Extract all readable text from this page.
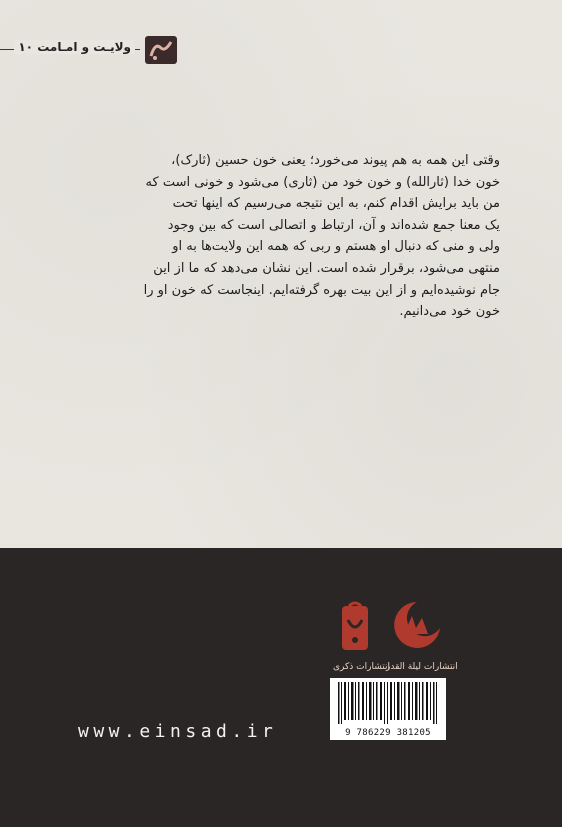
ولایـت و امـامت ۱۰

وقتی این همه به هم پیوند می‌خورد؛ یعنی خون حسین (ثارک)،
خون خدا (ثارالله) و خون خود من (ثاری) می‌شود و خونی است که
من باید برایش اقدام کنم، به این نتیجه می‌رسیم که اینها تحت
یک معنا جمع شده‌اند و آن، ارتباط و اتصالی است که بین وجود
ولی و منی که دنبال او هستم و ربی که همه این ولایت‌ها به او
منتهی می‌شود، برقرار شده است. این نشان می‌دهد که ما از این
جام نوشیده‌ایم و از این بیت بهره گرفته‌ایم. اینجاست که خون او را
خون خود می‌دانیم.

انتشارات لیلة القدر
انتشارات ذکری
9 786229 381205
www.einsad.ir
